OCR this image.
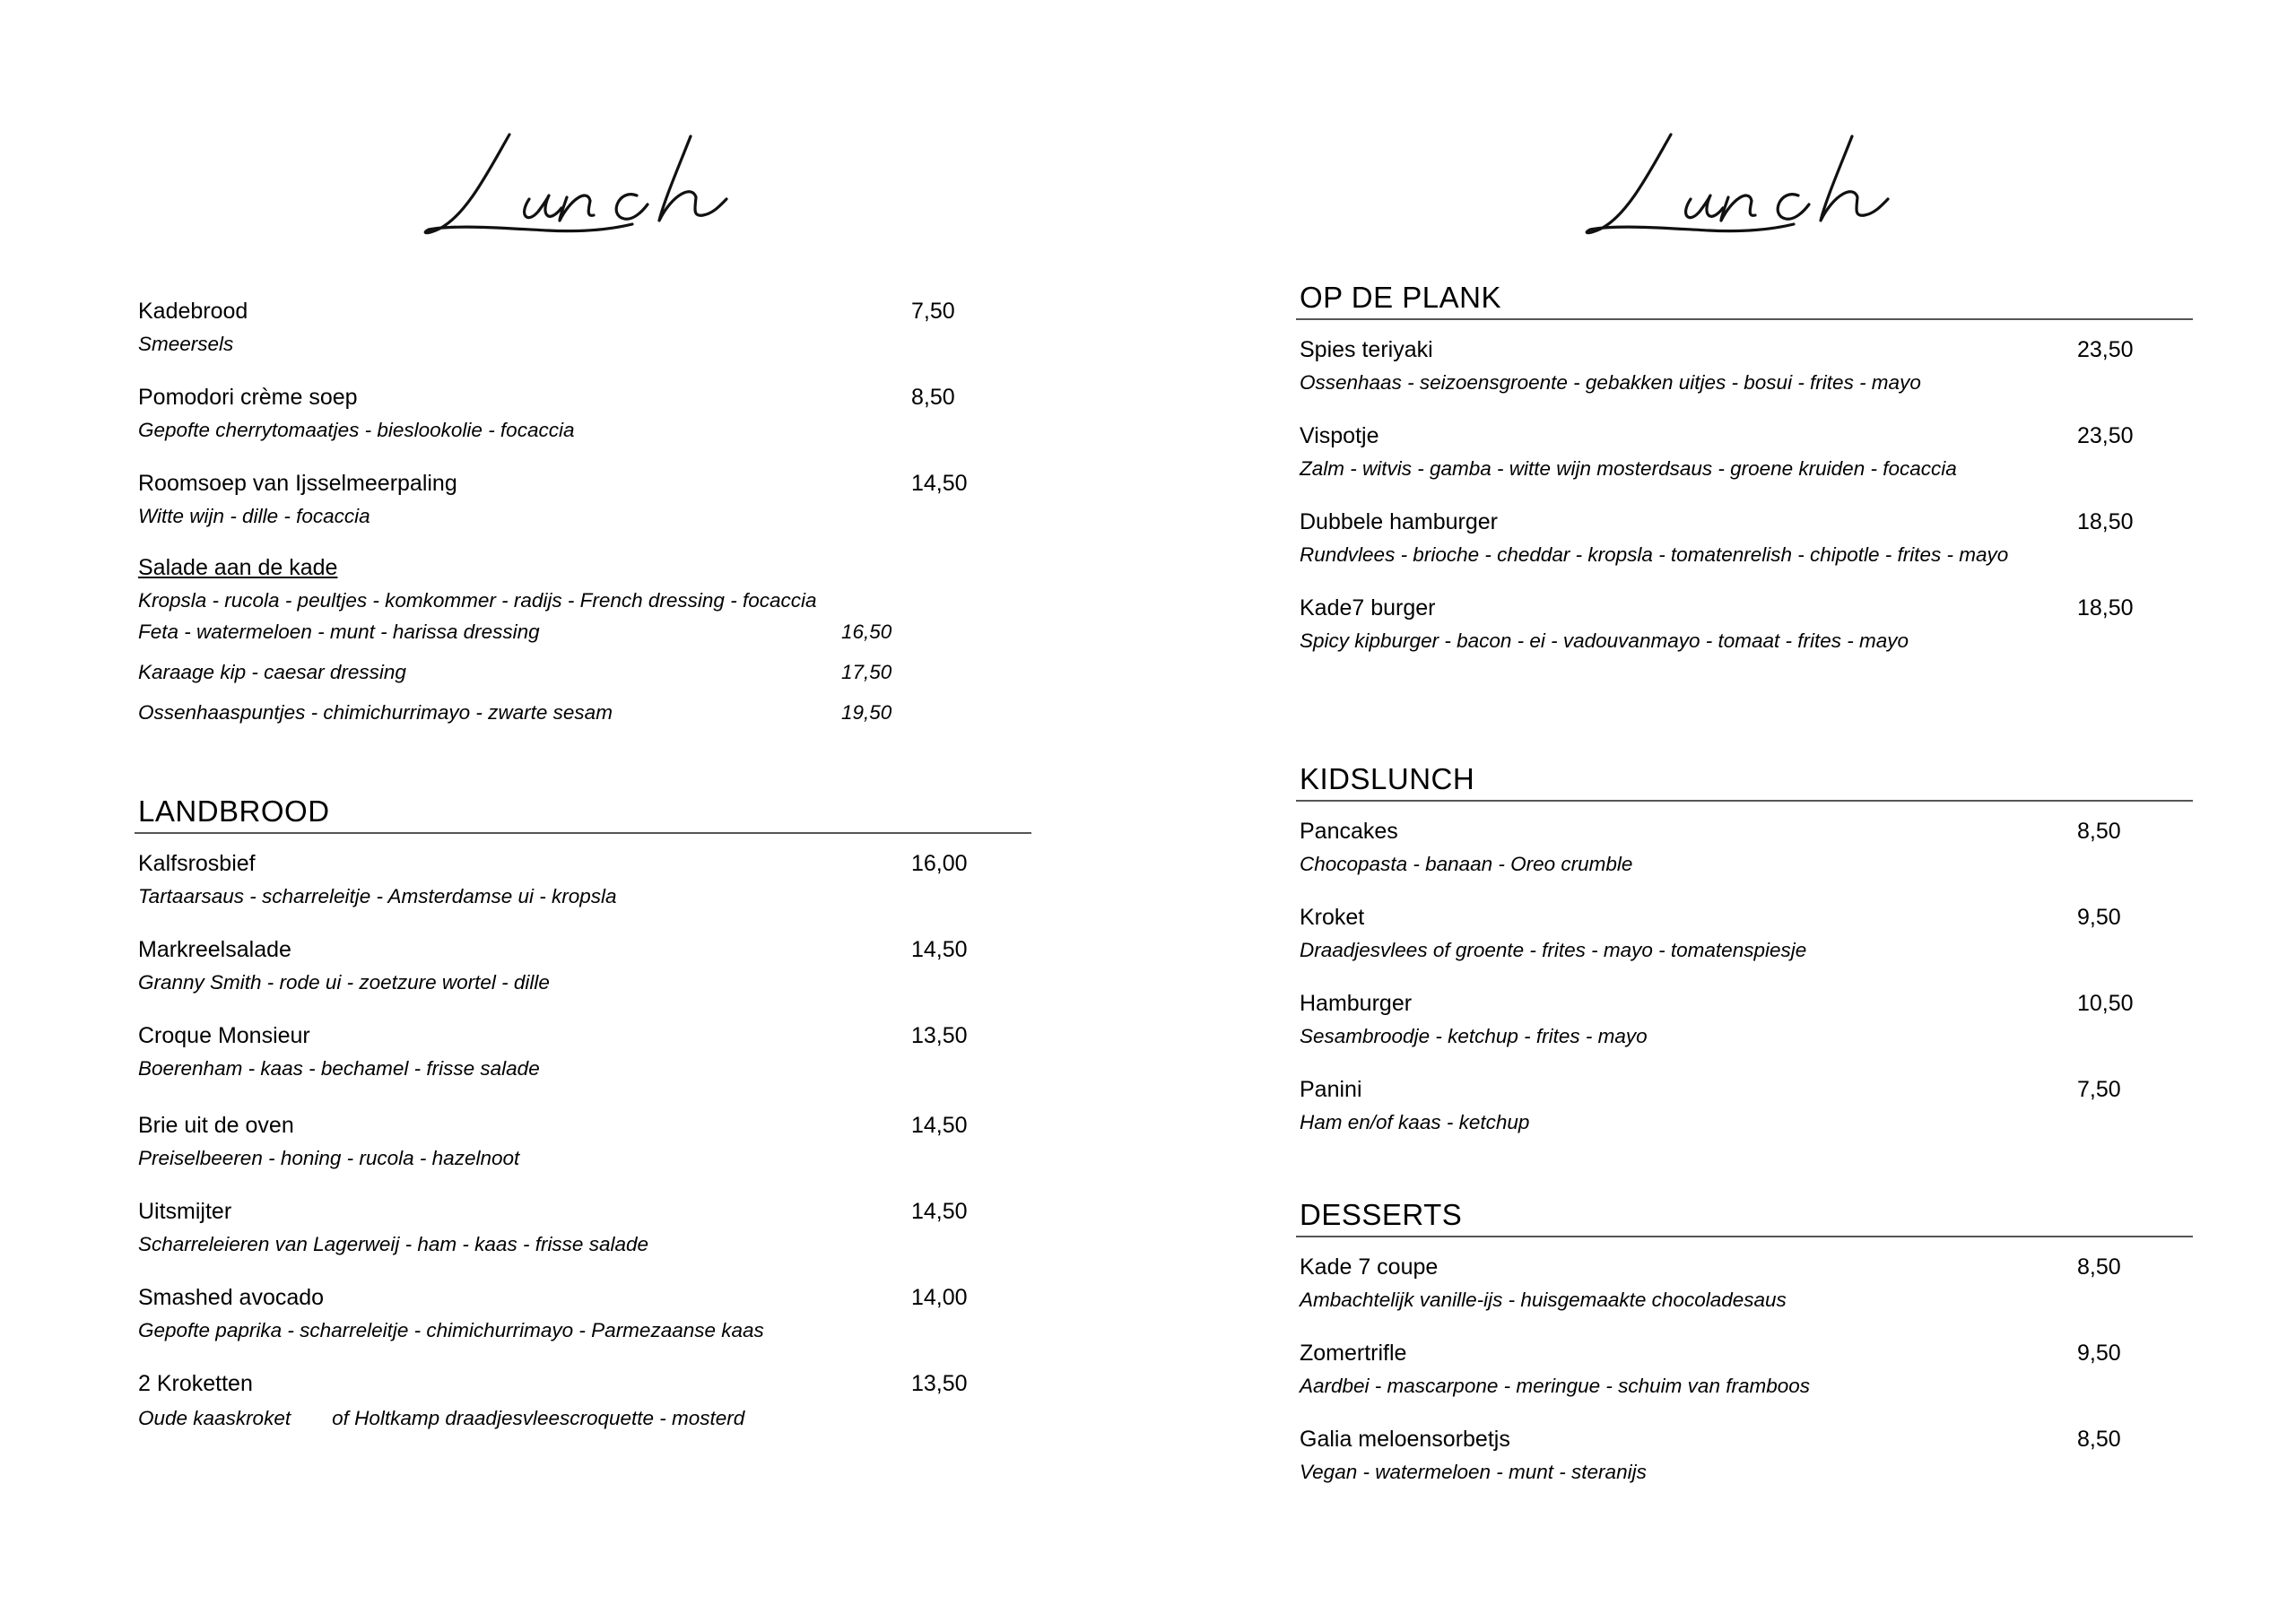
Lunch
Kadebrood	7,50
Smeersels
Pomodori crème soep	8,50
Gepofte cherrytomaatjes - bieslookolie - focaccia
Roomsoep van Ijsselmeerpaling	14,50
Witte wijn - dille - focaccia
Salade aan de kade
Kropsla - rucola - peultjes - komkommer - radijs - French dressing - focaccia
Feta - watermeloen - munt - harissa dressing	16,50
Karaage kip - caesar dressing	17,50
Ossenhaaspuntjes - chimichurrimayo - zwarte sesam	19,50
LANDBROOD
Kalfsrosbief	16,00
Tartaarsaus - scharreleitje - Amsterdamse ui - kropsla
Markreelsalade	14,50
Granny Smith - rode ui - zoetzure wortel - dille
Croque Monsieur	13,50
Boerenham - kaas - bechamel - frisse salade
Brie uit de oven	14,50
Preiselbeeren - honing - rucola - hazelnoot
Uitsmijter	14,50
Scharreleieren van Lagerweij - ham - kaas - frisse salade
Smashed avocado	14,00
Gepofte paprika - scharreleitje - chimichurrimayo - Parmezaanse kaas
2 Kroketten	13,50
Oude kaaskroket of Holtkamp draadjesvleescroquette - mosterd
Lunch
OP DE PLANK
Spies teriyaki	23,50
Ossenhaas - seizoensgroente - gebakken uitjes - bosui - frites - mayo
Vispotje	23,50
Zalm - witvis - gamba - witte wijn mosterdsaus - groene kruiden - focaccia
Dubbele hamburger	18,50
Rundvlees - brioche - cheddar - kropsla - tomatenrelish - chipotle - frites - mayo
Kade7 burger	18,50
Spicy kipburger - bacon - ei - vadouvanmayo - tomaat - frites - mayo
KIDSLUNCH
Pancakes	8,50
Chocopasta - banaan - Oreo crumble
Kroket	9,50
Draadjesvlees of groente - frites - mayo - tomatenspiesje
Hamburger	10,50
Sesambroodje - ketchup - frites - mayo
Panini	7,50
Ham en/of kaas - ketchup
DESSERTS
Kade 7 coupe	8,50
Ambachtelijk vanille-ijs - huisgemaakte chocoladesaus
Zomertrifle	9,50
Aardbei - mascarpone - meringue - schuim van framboos
Galia meloensorbetjs	8,50
Vegan - watermeloen - munt - steranijs
